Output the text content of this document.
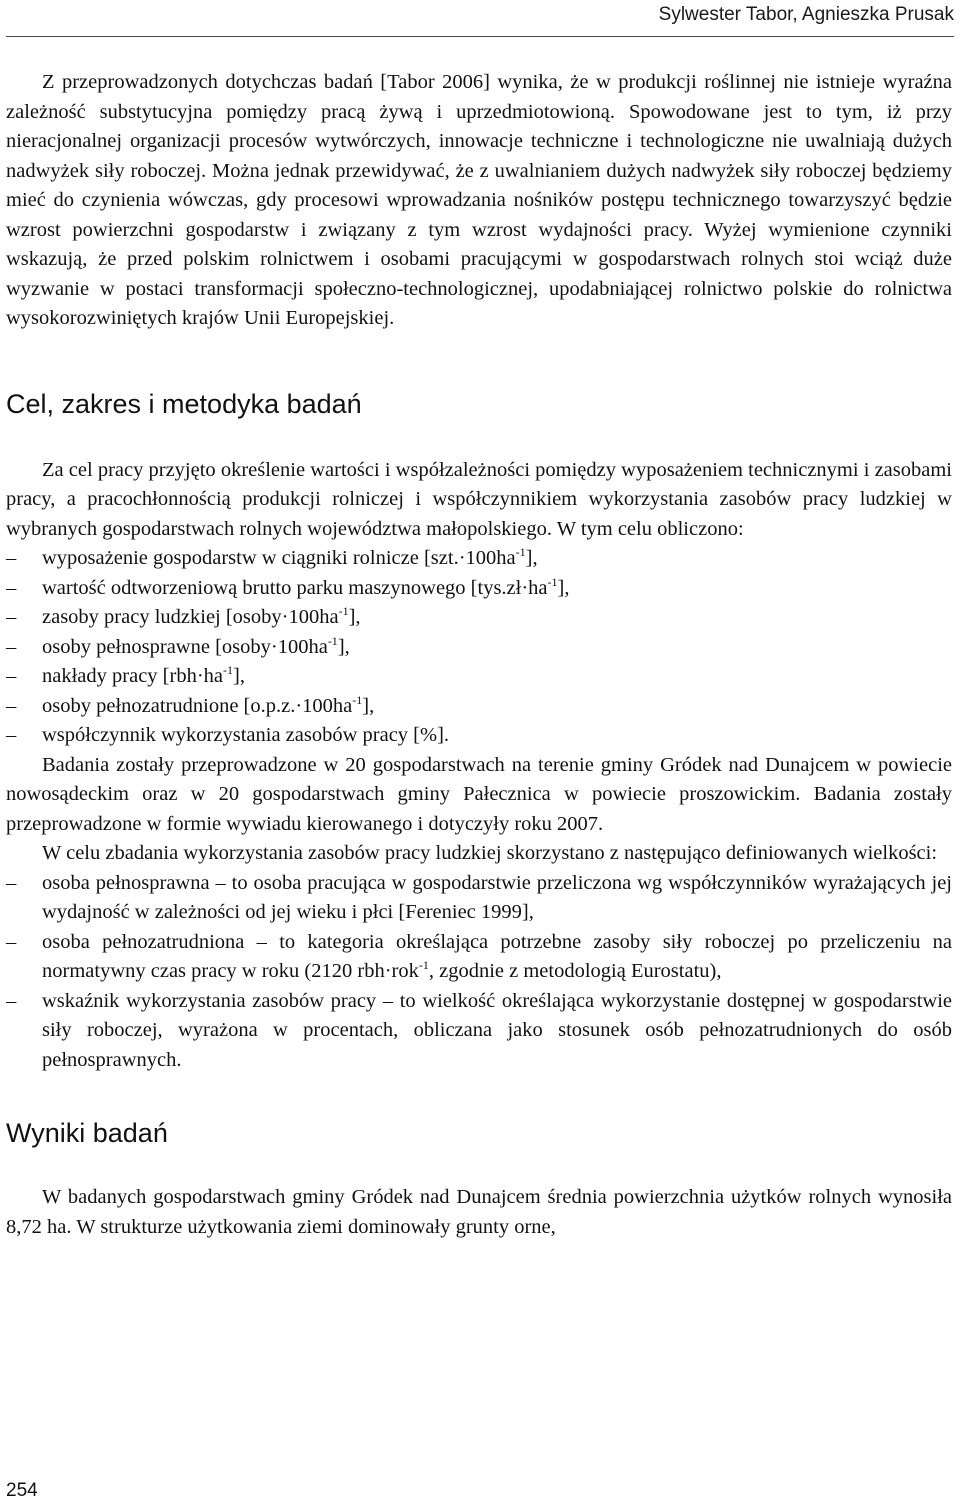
Sylwester Tabor, Agnieszka Prusak

Z przeprowadzonych dotychczas badań [Tabor 2006] wynika, że w produkcji roślinnej nie istnieje wyraźna zależność substytucyjna pomiędzy pracą żywą i uprzedmiotowioną. Spowodowane jest to tym, iż przy nieracjonalnej organizacji procesów wytwórczych, innowacje techniczne i technologiczne nie uwalniają dużych nadwyżek siły roboczej. Można jednak przewidywać, że z uwalnianiem dużych nadwyżek siły roboczej będziemy mieć do czynienia wówczas, gdy procesowi wprowadzania nośników postępu technicznego towarzyszyć będzie wzrost powierzchni gospodarstw i związany z tym wzrost wydajności pracy. Wyżej wymienione czynniki wskazują, że przed polskim rolnictwem i osobami pracującymi w gospodarstwach rolnych stoi wciąż duże wyzwanie w postaci transformacji społeczno-technologicznej, upodabniającej rolnictwo polskie do rolnictwa wysokorozwiniętych krajów Unii Europejskiej.

Cel, zakres i metodyka badań

Za cel pracy przyjęto określenie wartości i współzależności pomiędzy wyposażeniem technicznymi i zasobami pracy, a pracochłonnością produkcji rolniczej i współczynnikiem wykorzystania zasobów pracy ludzkiej w wybranych gospodarstwach rolnych województwa małopolskiego. W tym celu obliczono:

– wyposażenie gospodarstw w ciągniki rolnicze $[szt.\cdot 100ha^{-1}]$,
– wartość odtworzeniową brutto parku maszynowego $[tys.zł\cdot ha^{-1}]$,
– zasoby pracy ludzkiej $[osoby\cdot 100ha^{-1}]$,
– osoby pełnosprawne $[osoby\cdot 100ha^{-1}]$,
– nakłady pracy $[rbh\cdot ha^{-1}]$,
– osoby pełnozatrudnione $[o.p.z.\cdot 100ha^{-1}]$,
– współczynnik wykorzystania zasobów pracy [%].

Badania zostały przeprowadzone w 20 gospodarstwach na terenie gminy Gródek nad Dunajcem w powiecie nowosądeckim oraz w 20 gospodarstwach gminy Pałecznica w powiecie proszowickim. Badania zostały przeprowadzone w formie wywiadu kierowanego i dotyczyły roku 2007.

W celu zbadania wykorzystania zasobów pracy ludzkiej skorzystano z następująco definiowanych wielkości:

– osoba pełnosprawna – to osoba pracująca w gospodarstwie przeliczona wg współczynników wyrażających jej wydajność w zależności od jej wieku i płci [Fereniec 1999],
– osoba pełnozatrudniona – to kategoria określająca potrzebne zasoby siły roboczej po przeliczeniu na normatywny czas pracy w roku (2120 rbh·rok$^{-1}$, zgodnie z metodologią Eurostatu),
– wskaźnik wykorzystania zasobów pracy – to wielkość określająca wykorzystanie dostępnej w gospodarstwie siły roboczej, wyrażona w procentach, obliczana jako stosunek osób pełnozatrudnionych do osób pełnosprawnych.
Wyniki badań

W badanych gospodarstwach gminy Gródek nad Dunajcem średnia powierzchnia użytków rolnych wynosiła 8,72 ha. W strukturze użytkowania ziemi dominowały grunty orne,

254
